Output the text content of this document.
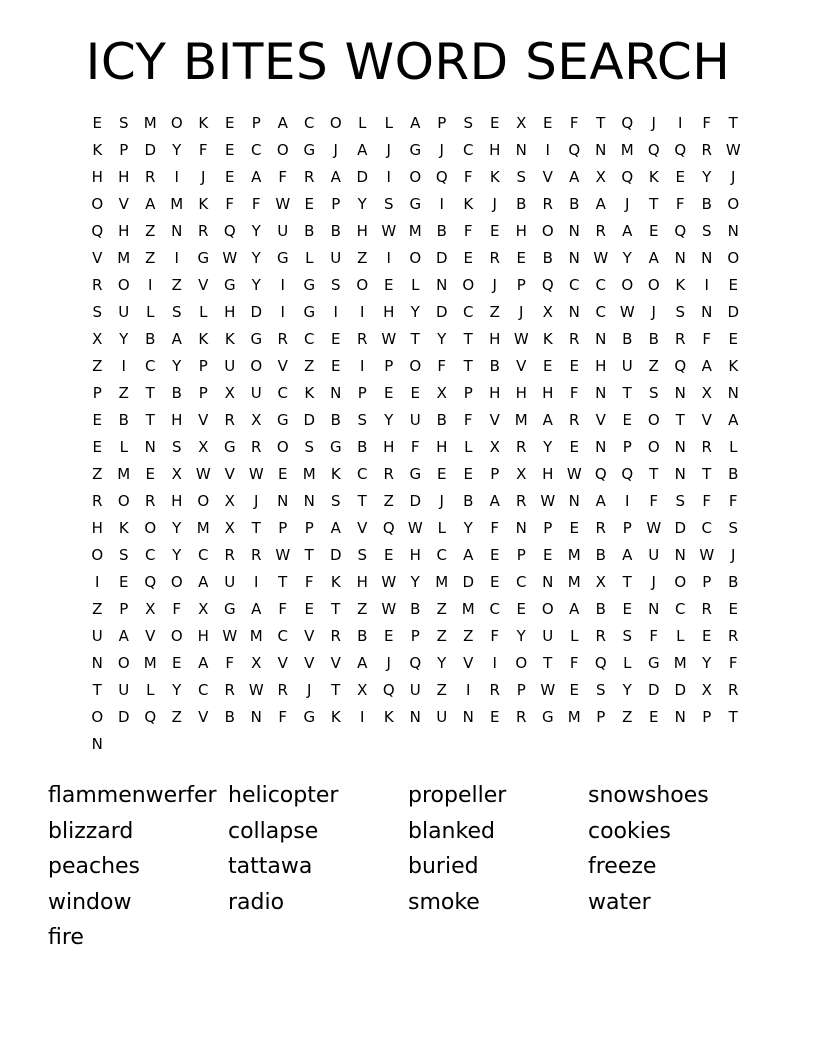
ICY BITES WORD SEARCH
E	S	M O	K	E	P	A	C	O	L	L	A	P	S	E	X	E	F	T	Q	J	I	F	T
K	P	D	Y	F	E	C	O G	J	A	J	G	J	C	H	N	I	Q N M Q Q	R W
H	H	R	I	J	E	A	F	R	A	D	I	O Q	F	K	S	V	A	X	Q	K	E	Y	J
O	V	A M	K	F	F W E	P	Y	S	G	I	K	J	B	R	B	A	J	T	F	B	O
Q H	Z	N	R	Q	Y	U	B	B	H W M B	F	E	H O N	R	A	E	Q	S	N
V M Z	I	G W Y	G	L	U	Z	I	O D	E	R	E	B	N W Y	A	N	N O
R	O	I	Z	V	G	Y	I	G	S	O	E	L	N O	J	P	Q	C	C	O O	K	I	E
S	U	L	S	L	H	D	I	G	I	I	H	Y	D	C	Z	J	X	N	C W	J	S	N	D
X	Y	B	A	K	K	G	R	C	E	R W T	Y	T	H W K	R	N	B	B	R	F	E
Z	I	C	Y	P	U	O	V	Z	E	I	P	O	F	T	B	V	E	E	H	U	Z	Q	A	K
P	Z	T	B	P	X	U	C	K	N	P	E	E	X	P	H	H	H	F	N	T	S	N	X	N
E	B	T	H	V	R	X	G D	B	S	Y	U	B	F	V M A	R	V	E	O	T	V	A
E	L	N	S	X	G	R	O	S	G	B	H	F	H	L	X	R	Y	E	N	P	O N	R	L
Z M	E	X W V W E	M	K	C	R	G	E	E	P	X	H W Q Q	T	N	T	B
R	O	R	H O	X	J	N	N	S	T	Z	D	J	B	A	R W N	A	I	F	S	F	F
H	K	O	Y	M X	T	P	P	A	V	Q W L	Y	F	N	P	E	R	P W D	C	S
O	S	C	Y	C	R	R W T	D	S	E	H	C	A	E	P	E	M B	A	U	N W	J
I	E	Q O	A	U	I	T	F	K	H W Y	M D	E	C	N M X	T	J	O	P	B
Z	P	X	F	X	G	A	F	E	T	Z W B	Z M C	E	O	A	B	E	N	C	R	E
U	A	V	O H W M C	V	R	B	E	P	Z	Z	F	Y	U	L	R	S	F	L	E	R
N O M	E	A	F	X	V	V	V	A	J	Q	Y	V	I	O	T	F	Q	L	G M	Y	F
T	U	L	Y	C	R W R	J	T	X	Q	U	Z	I	R	P W E	S	Y	D D	X	R
O D Q	Z	V	B	N	F	G	K	I	K	N	U	N	E	R	G M	P	Z	E	N	P	T
N
flammenwerfer helicopter	propeller	snowshoes
blizzard	collapse	blanked	cookies
peaches	tattawa	buried	freeze
window	radio	smoke	water
fire
